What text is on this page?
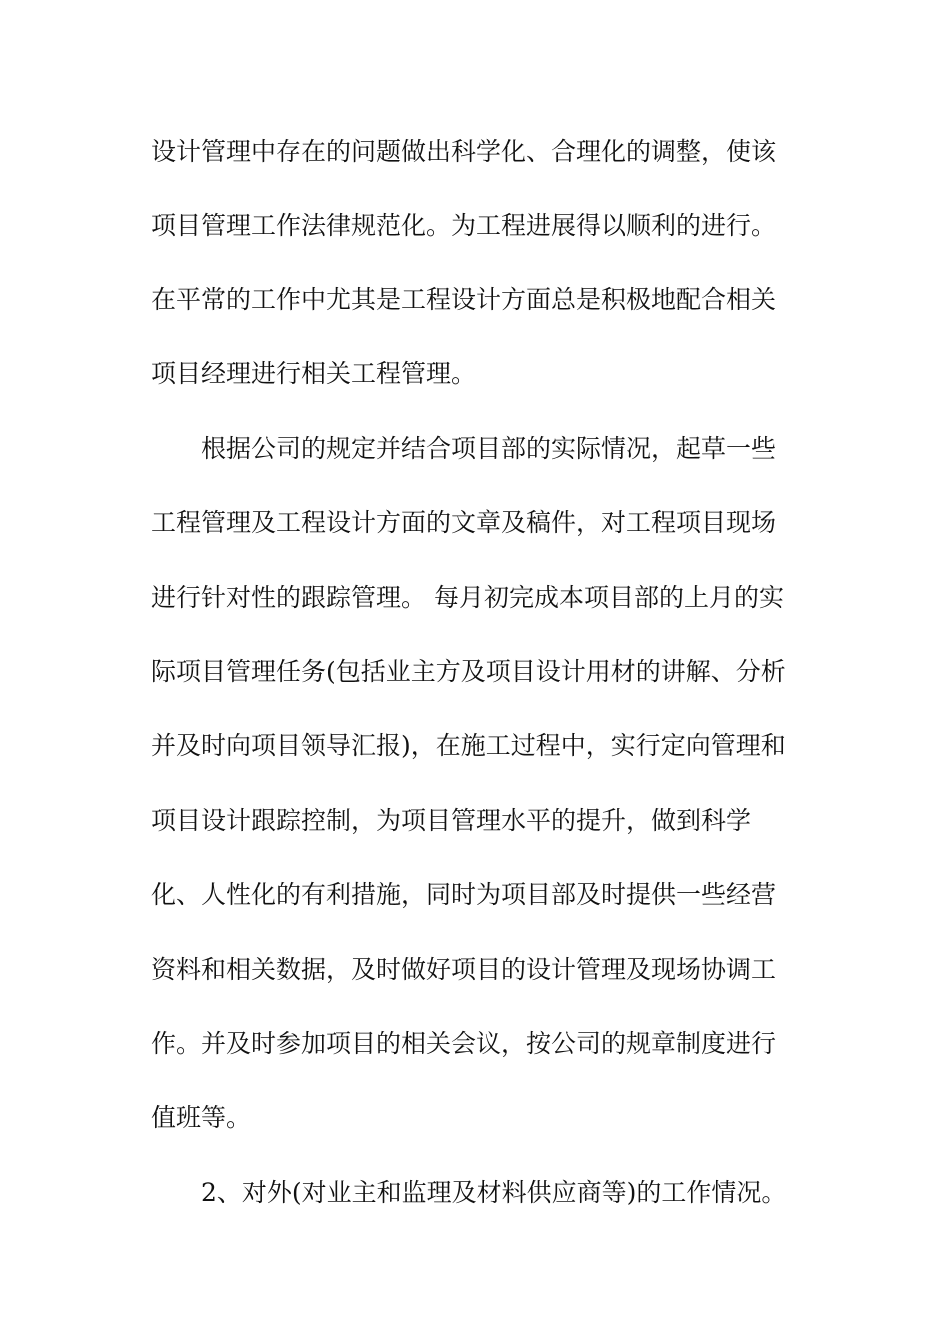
设计管理中存在的问题做出科学化、合理化的调整，使该
项目管理工作法律规范化。为工程进展得以顺利的进行。
在平常的工作中尤其是工程设计方面总是积极地配合相关
项目经理进行相关工程管理。
根据公司的规定并结合项目部的实际情况，起草一些
工程管理及工程设计方面的文章及稿件，对工程项目现场
进行针对性的跟踪管理。 每月初完成本项目部的上月的实
际项目管理任务(包括业主方及项目设计用材的讲解、分析
并及时向项目领导汇报)，在施工过程中，实行定向管理和
项目设计跟踪控制，为项目管理水平的提升，做到科学
化、人性化的有利措施，同时为项目部及时提供一些经营
资料和相关数据，及时做好项目的设计管理及现场协调工
作。并及时参加项目的相关会议，按公司的规章制度进行
值班等。
2、对外(对业主和监理及材料供应商等)的工作情况。
